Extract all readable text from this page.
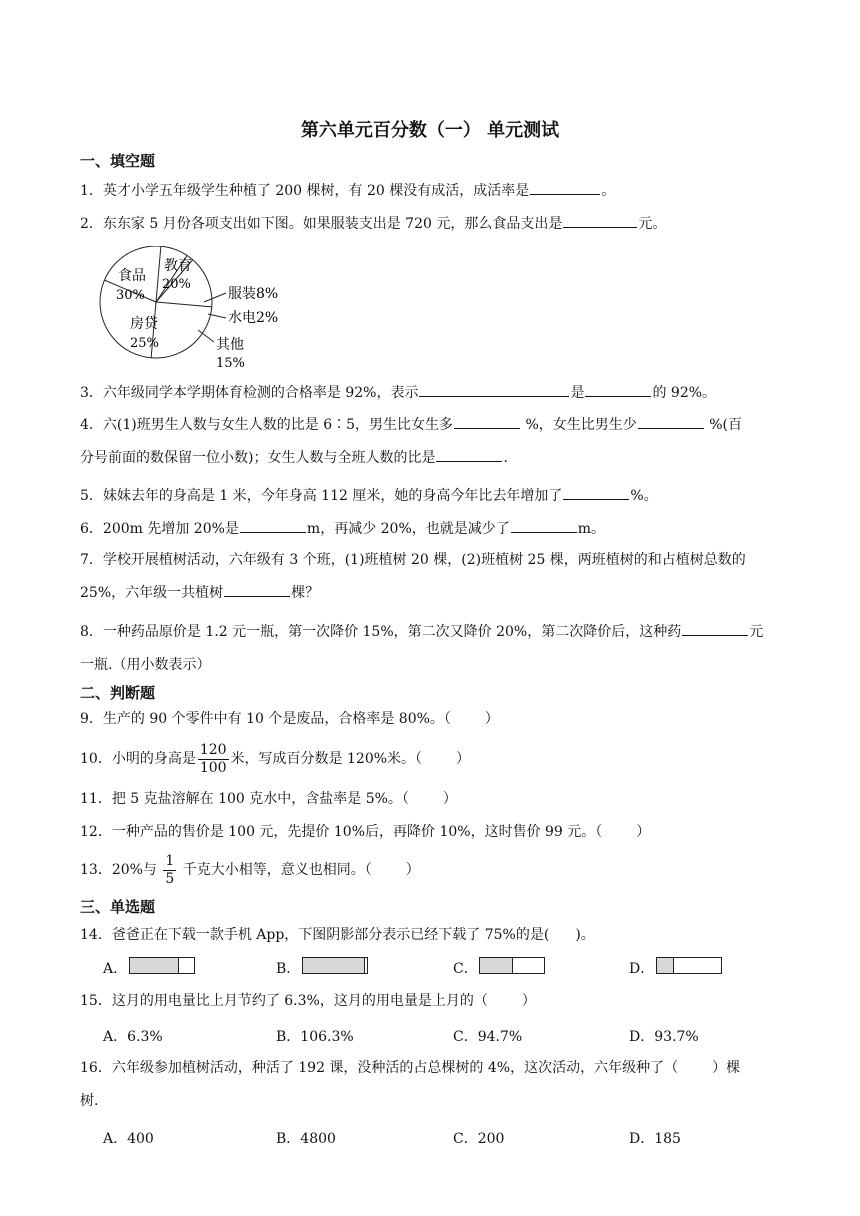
第六单元百分数（一） 单元测试
一、填空题
1．英才小学五年级学生种植了 200 棵树，有 20 棵没有成活，成活率是	。
2．东东家 5 月份各项支出如下图。如果服装支出是 720 元，那么食品支出是	元。
食品
30%
教育
20%
房贷
25%
服装8%
水电2%
其他
15%
3．六年级同学本学期体育检测的合格率是 92%，表示	是	的 92%。
4．六(1)班男生人数与女生人数的比是 6∶5，男生比女生多	%，女生比男生少	%(百
分号前面的数保留一位小数)；女生人数与全班人数的比是	.
5．妹妹去年的身高是 1 米，今年身高 112 厘米，她的身高今年比去年增加了	%。
6．200m 先增加 20%是	m，再减少 20%，也就是减少了	m。
7．学校开展植树活动，六年级有 3 个班，(1)班植树 20 棵，(2)班植树 25 棵，两班植树的和占植树总数的
25%，六年级一共植树	棵？
8．一种药品原价是 1.2 元一瓶，第一次降价 15%，第二次又降价 20%，第二次降价后，这种药	元
一瓶.（用小数表示）
二、判断题
9．生产的 90 个零件中有 10 个是废品，合格率是 80%。（ ）
10．小明的身高是 $\frac{120}{100}$ 米，写成百分数是 120%米。（ ）
11．把 5 克盐溶解在 100 克水中，含盐率是 5%。（ ）
12．一种产品的售价是 100 元，先提价 10%后，再降价 10%，这时售价 99 元。（ ）
13．20%与 $\frac{1}{5}$ 千克大小相等，意义也相同。（ ）
三、单选题
14．爸爸正在下载一款手机 App，下图阴影部分表示已经下载了 75%的是( )。
A．	B．	C．	D．
15．这月的用电量比上月节约了 6.3%，这月的用电量是上月的（ ）
A．6.3%	B．106.3%	C．94.7%	D．93.7%
16．六年级参加植树活动，种活了 192 课，没种活的占总棵树的 4%，这次活动，六年级种了（ ）棵
树.
A．400	B．4800	C．200	D．185
